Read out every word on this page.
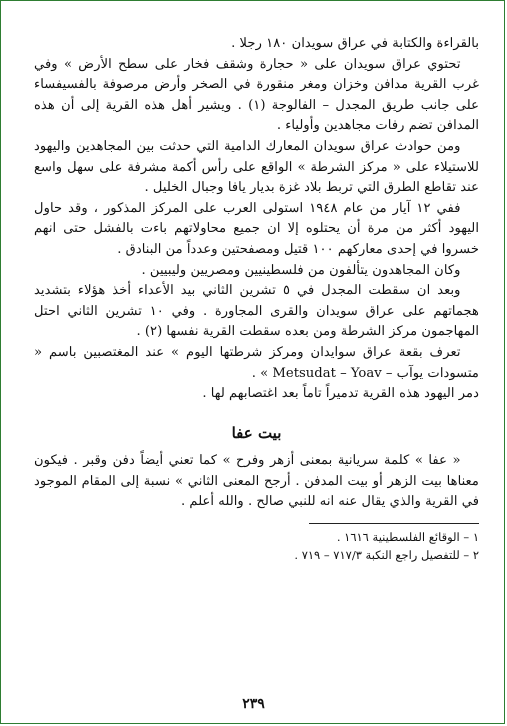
بالقراءة والكتابة في عراق سويدان ۱۸۰ رجلا .

تحتوي عراق سويدان على « حجارة وشقف فخار على سطح الأرض » وفي غرب القرية مدافن وخزان ومغر منقورة في الصخر وأرض مرصوفة بالفسيفساء على جانب طريق المجدل – الفالوجة (۱) . ويشير أهل هذه القرية إلى أن هذه المدافن تضم رفات مجاهدين وأولياء .

ومن حوادث عراق سويدان المعارك الدامية التي حدثت بين المجاهدين واليهود للاستيلاء على « مركز الشرطة » الواقع على رأس أكمة مشرفة على سهل واسع عند تقاطع الطرق التي تربط بلاد غزة بديار يافا وجبال الخليل .

ففي ۱۲ آيار من عام ۱۹٤۸ استولى العرب على المركز المذكور ، وقد حاول اليهود أكثر من مرة أن يحتلوه إلا ان جميع محاولاتهم باءت بالفشل حتى انهم خسروا في إحدى معاركهم ۱۰۰ قتيل ومصفحتين وعدداً من البنادق .

وكان المجاهدون يتألفون من فلسطينيين ومصريين وليبيين .

وبعد ان سقطت المجدل في ٥ تشرين الثاني بيد الأعداء أخذ هؤلاء بتشديد هجماتهم على عراق سويدان والقرى المجاورة . وفي ۱۰ تشرين الثاني احتل المهاجمون مركز الشرطة ومن بعده سقطت القرية نفسها (۲) .

تعرف بقعة عراق سوايدان ومركز شرطتها اليوم » عند المغتصبين باسم « متسودات يوآب – Metsudat – Yoav » .

دمر اليهود هذه القرية تدميراً تاماً بعد اغتصابهم لها .

بيت عفا

« عفا » كلمة سريانية بمعنى أزهر وفرح » كما تعني أيضاً دفن وقبر . فيكون معناها بيت الزهر أو بيت المدفن . أرجح المعنى الثاني » نسبة إلى المقام الموجود في القرية والذي يقال عنه انه للنبي صالح . والله أعلم .

۱ – الوقائع الفلسطينية ۱٦۱٦ .

۲ – للتفصيل راجع النكبة ۷۱۷/۳ – ۷۱۹ .

۲۳۹
